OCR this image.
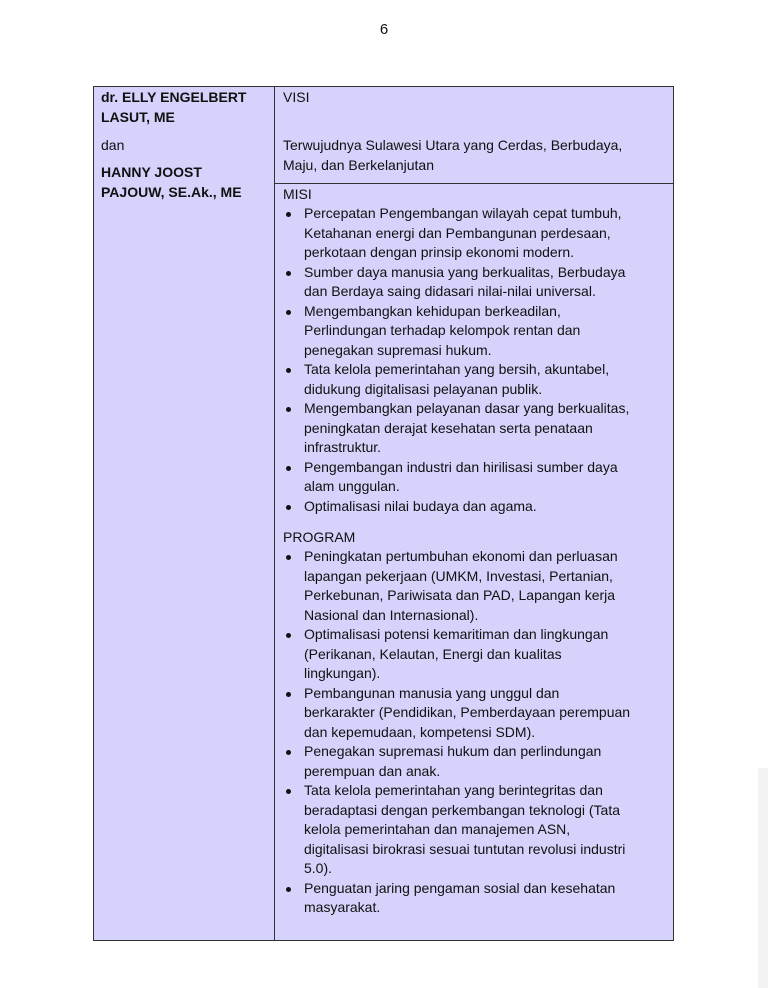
6
dr. ELLY ENGELBERT
LASUT, ME
dan
HANNY JOOST
PAJOUW, SE.Ak., ME
VISI
Terwujudnya Sulawesi Utara yang Cerdas, Berbudaya,
Maju, dan Berkelanjutan
MISI
Percepatan Pengembangan wilayah cepat tumbuh,
Ketahanan energi dan Pembangunan perdesaan,
perkotaan dengan prinsip ekonomi modern.
Sumber daya manusia yang berkualitas, Berbudaya
dan Berdaya saing didasari nilai-nilai universal.
Mengembangkan kehidupan berkeadilan,
Perlindungan terhadap kelompok rentan dan
penegakan supremasi hukum.
Tata kelola pemerintahan yang bersih, akuntabel,
didukung digitalisasi pelayanan publik.
Mengembangkan pelayanan dasar yang berkualitas,
peningkatan derajat kesehatan serta penataan
infrastruktur.
Pengembangan industri dan hirilisasi sumber daya
alam unggulan.
Optimalisasi nilai budaya dan agama.
PROGRAM
Peningkatan pertumbuhan ekonomi dan perluasan
lapangan pekerjaan (UMKM, Investasi, Pertanian,
Perkebunan, Pariwisata dan PAD, Lapangan kerja
Nasional dan Internasional).
Optimalisasi potensi kemaritiman dan lingkungan
(Perikanan, Kelautan, Energi dan kualitas
lingkungan).
Pembangunan manusia yang unggul dan
berkarakter (Pendidikan, Pemberdayaan perempuan
dan kepemudaan, kompetensi SDM).
Penegakan supremasi hukum dan perlindungan
perempuan dan anak.
Tata kelola pemerintahan yang berintegritas dan
beradaptasi dengan perkembangan teknologi (Tata
kelola pemerintahan dan manajemen ASN,
digitalisasi birokrasi sesuai tuntutan revolusi industri
5.0).
Penguatan jaring pengaman sosial dan kesehatan
masyarakat.
